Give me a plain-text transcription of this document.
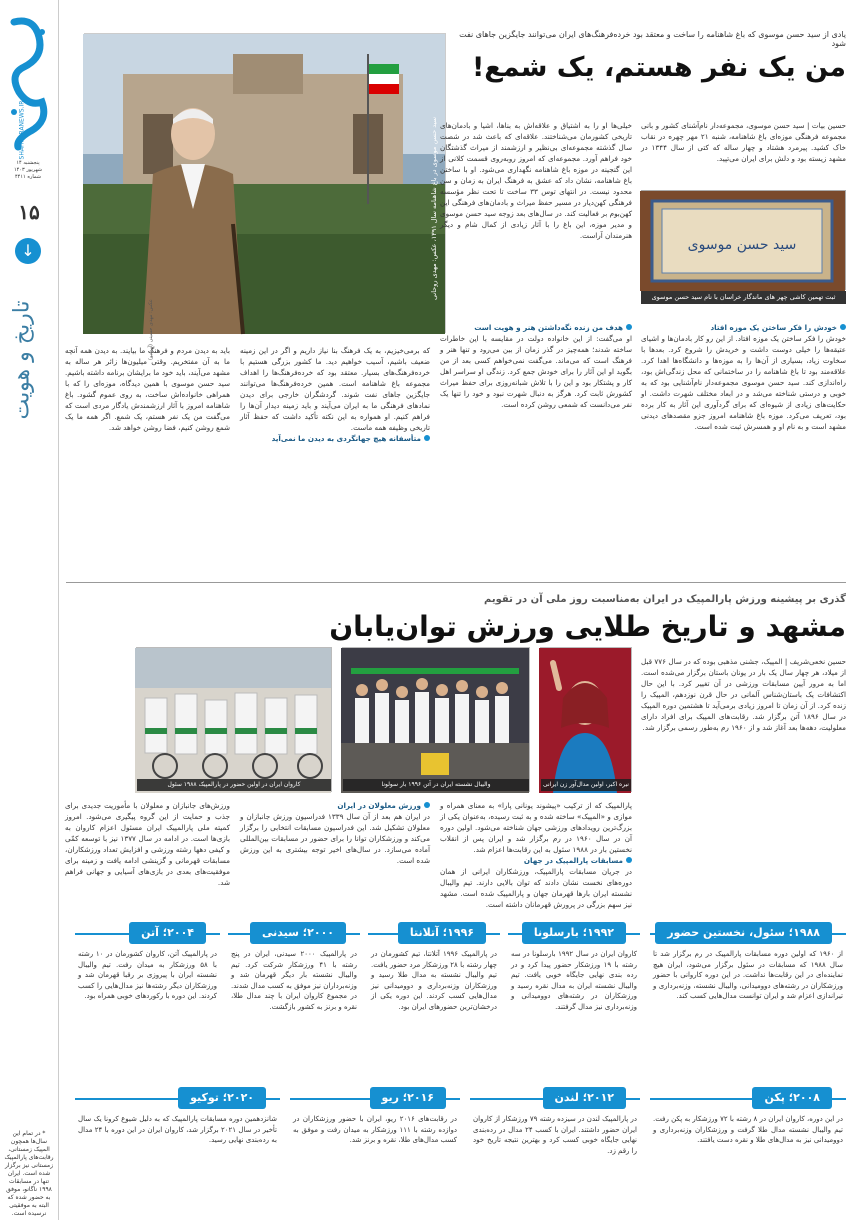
پنجشنبه ۱۴ شهریور ۱۴۰۳ شماره ۴۴۱۱
۱۵
↓
تاریخ و هویت
SHAHRARANEWS.IR
* در تمام این سال‌ها همچون المپیک زمستانی، رقابت‌های پارالمپیک زمستانی نیز برگزار شده است. ایران تنها در مسابقات ۱۹۹۸ ناگانو، موفق به حضور شده که البته به موفقیتی نرسیده است.
یادی از سید حسن موسوی که باغ شاهنامه را ساخت و معتقد بود خرده‌فرهنگ‌های ایران می‌توانند جایگزین جاهای نفت شود
من یک نفر هستم، یک شمع!
سید حسن موسوی در باغ شاهنامه سال ۱۳۹۱، عکس: مهدی روحانی
عکس: مهدی حسینی (آرشیو)
حسین بیات | سید حسن موسوی، مجموعه‌دار نام‌آشنای کشور و بانی مجموعه فرهنگی موزه‌ای باغ شاهنامه، شنبه ۲۱ مهر چهره در نقاب خاک کشید. پیرمرد هشتاد و چهار ساله که کتی از سال ۱۳۴۴ در مشهد زیسته بود و دلش برای ایران می‌تپید.
خیلی‌ها او را به اشتیاق و علاقه‌اش به بناها، اشیا و بادمان‌های تاریخی کشورمان می‌شناختند. علاقه‌ای که باعث شد در شصت سال گذشته مجموعه‌ای بی‌نظیر و ارزشمند از میراث گذشتگان خود فراهم آورد. مجموعه‌ای که امروز روبه‌روی قسمت کلانی از این گنجینه در موزه باغ شاهنامه نگهداری می‌شود. او با ساختن باغ شاهنامه، نشان داد که عشق به فرهنگ ایران به زمان و سن محدود نیست. در انتهای توس ۳۳ ساخت تا تحت نظر مؤسسه فرهنگی کهن‌دیار در مسیر حفظ میراث و بادمان‌های فرهنگی این کهن‌بوم بر فعالیت کند. در سال‌های بعد زوجه سید حسن موسوی و مدیر موزه، این باغ را با آثار زیادی از کمال شام و دیگر هنرمندان آراست.
سید حسن موسوی
ثبت تهمین کاشی چهر های ماندگار خراسان با نام سید حسن موسوی

خودش را فکر ساختن یک موزه افتاد

خودش را فکر ساختن یک موزه افتاد. از این رو کار بادمان‌ها و اشیای عتیقه‌ها را خیلی دوست داشت و خریدش را شروع کرد. بعدها با سخاوت زیاد، بسیاری از آن‌ها را به موزه‌ها و دانشگاه‌ها اهدا کرد. علاقه‌مند بود تا باغ شاهنامه را در ساختمانی که محل زندگی‌اش بود، راه‌اندازی کند. سید حسن موسوی مجموعه‌دار نام‌آشنایی بود که به خوبی و درستی شناخته می‌شد و در ابعاد مختلف شهرت داشت. او حکایت‌های زیادی از شیوه‌ای که برای گردآوری این آثار به کار برده بود، تعریف می‌کرد. موزه باغ شاهنامه امروز جزو مقصدهای دیدنی مشهد است و به نام او و همسرش ثبت شده است.

هدف من زنده نگه‌داشتن هنر و هویت است

او می‌گفت: از این خانواده دولت در مقایسه با این خاطرات ساخته شدند؛ همه‌چیز در گذر زمان از بین می‌رود و تنها هنر و فرهنگ است که می‌ماند. می‌گفت نمی‌خواهم کسی بعد از من بگوید او این آثار را برای خودش جمع کرد. زندگی او سراسر اهل کار و پشتکار بود و این را با تلاش شبانه‌روزی برای حفظ میراث کشورش ثابت کرد. هرگز به دنبال شهرت نبود و خود را تنها یک نفر می‌دانست که شمعی روشن کرده است.

که برمی‌خیزیم، به یک فرهنگ بنا نیاز داریم و اگر در این زمینه ضعیف باشیم، آسیب خواهیم دید. ما کشور بزرگی هستیم با خرده‌فرهنگ‌های بسیار. معتقد بود که خرده‌فرهنگ‌ها را اهداف مجموعه باغ شاهنامه است. همین خرده‌فرهنگ‌ها می‌توانند جایگزین جاهای نفت شوند. گردشگران خارجی برای دیدن نمادهای فرهنگی ما به ایران می‌آیند و باید زمینه دیدار آن‌ها را فراهم کنیم. او همواره به این نکته تأکید داشت که حفظ آثار تاریخی وظیفه همه ماست.

متأسفانه هیچ جهانگردی به دیدن ما نمی‌آید

باید به دیدن مردم و فرهنگ ما بیایند. به دیدن همه آنچه ما به آن مفتخریم. وقتی میلیون‌ها زائر هر ساله به مشهد می‌آیند، باید خود ما برایشان برنامه داشته باشیم. سید حسن موسوی با همین دیدگاه، موزه‌ای را که با همراهی خانواده‌اش ساخت، به روی عموم گشود. باغ شاهنامه امروز با آثار ارزشمندش یادگار مردی است که می‌گفت من یک نفر هستم، یک شمع. اگر همه ما یک شمع روشن کنیم، فضا روشن خواهد شد.

گذری بر پیشینه ورزش پارالمپیک در ایران به‌مناسبت روز ملی آن در تقویم
مشهد و تاریخ طلایی ورزش توان‌یابان
حسین نخعی‌شریف | المپیک، جشنی مذهبی بوده که در سال ۷۷۶ قبل از میلاد، هر چهار سال یک بار در یونان باستان برگزار می‌شده است. اما به مرور آیین مسابقات ورزشی در آن تغییر کرد. با این حال اکتشافات یک باستان‌شناس آلمانی در حال قرن نوزدهم، المپیک را زنده کرد. از آن زمان تا امروز زیادی برمی‌آید تا هشتمین دوره المپیک در سال ۱۸۹۶ آتن برگزار شد. رقابت‌های المپیک برای افراد دارای معلولیت، دهه‌ها بعد آغاز شد و از ۱۹۶۰ رم به‌طور رسمی برگزار شد.
نیره اکبر، اولین مدال‌آور زن ایرانی پارالمپیک
والیبال نشسته ایران در آتن ۱۹۹۶ بار سولونا
کاروان ایران در اولین حضور در پارالمپیک ۱۹۸۸ سئول

پارالمپیک که از ترکیب «پیشوند یونانی پارا» به معنای همراه و موازی و «المپیک» ساخته شده و به ثبت رسیده، به‌عنوان یکی از بزرگ‌ترین رویدادهای ورزشی جهان شناخته می‌شود. اولین دوره آن در سال ۱۹۶۰ در رم برگزار شد و ایران پس از انقلاب نخستین بار در ۱۹۸۸ سئول به این رقابت‌ها اعزام شد.

مسابقات پارالمپیک در جهان

در جریان مسابقات پارالمپیک، ورزشکاران ایرانی از همان دوره‌های نخست نشان دادند که توان بالایی دارند. تیم والیبال نشسته ایران بارها قهرمان جهان و پارالمپیک شده است. مشهد نیز سهم بزرگی در پرورش قهرمانان داشته است.

ورزش معلولان در ایران

در ایران هم بعد از آن سال ۱۳۳۹ فدراسیون ورزش جانبازان و معلولان تشکیل شد. این فدراسیون مسابقات انتخابی را برگزار می‌کند و ورزشکاران توانا را برای حضور در مسابقات بین‌المللی آماده می‌سازد. در سال‌های اخیر توجه بیشتری به این ورزش شده است.

ورزش‌های جانبازان و معلولان با مأموریت جدیدی برای جذب و حمایت از این گروه پیگیری می‌شود. امروز کمیته ملی پارالمپیک ایران مسئول اعزام کاروان به بازی‌ها است. در ادامه در سال ۱۳۷۷ نیز با توسعه کمّی و کیفی دهها رشته ورزشی و افزایش تعداد ورزشکاران، مسابقات قهرمانی و گزینشی ادامه یافت و زمینه برای موفقیت‌های بعدی در بازی‌های آسیایی و جهانی فراهم شد.

۱۹۸۸؛ سئول، نخستین حضور
از ۱۹۶۰ که اولین دوره مسابقات پارالمپیک در رم برگزار شد تا سال ۱۹۸۸ که مسابقات در سئول برگزار می‌شود، ایران هیچ نماینده‌ای در این رقابت‌ها نداشت. در این دوره کاروانی با حضور ورزشکاران در رشته‌های دوومیدانی، والیبال نشسته، وزنه‌برداری و تیراندازی اعزام شد و ایران توانست مدال‌هایی کسب کند.
۱۹۹۲؛ بارسلونا
کاروان ایران در سال ۱۹۹۲ بارسلونا در سه رشته با ۱۹ ورزشکار حضور پیدا کرد و در رده بندی نهایی جایگاه خوبی یافت. تیم والیبال نشسته ایران به مدال نقره رسید و ورزشکاران در رشته‌های دوومیدانی و وزنه‌برداری نیز مدال گرفتند.
۱۹۹۶؛ آتلانتا
در پارالمپیک ۱۹۹۶ آتلانتا، تیم کشورمان در چهار رشته با ۲۸ ورزشکار مرد حضور یافت. تیم والیبال نشسته به مدال طلا رسید و ورزشکاران وزنه‌برداری و دوومیدانی نیز مدال‌هایی کسب کردند. این دوره یکی از درخشان‌ترین حضورهای ایران بود.
۲۰۰۰؛ سیدنی
در پارالمپیک ۲۰۰۰ سیدنی، ایران در پنج رشته با ۴۱ ورزشکار شرکت کرد. تیم والیبال نشسته بار دیگر قهرمان شد و وزنه‌برداران نیز موفق به کسب مدال شدند. در مجموع کاروان ایران با چند مدال طلا، نقره و برنز به کشور بازگشت.
۲۰۰۴؛ آتن
در پارالمپیک آتن، کاروان کشورمان در ۱۰ رشته با ۵۸ ورزشکار به میدان رفت. تیم والیبال نشسته ایران با پیروزی بر رقبا قهرمان شد و ورزشکاران دیگر رشته‌ها نیز مدال‌هایی را کسب کردند. این دوره با رکوردهای خوبی همراه بود.
۲۰۰۸؛ پکن
در این دوره، کاروان ایران در ۸ رشته با ۷۲ ورزشکار به پکن رفت. تیم والیبال نشسته مدال طلا گرفت و ورزشکاران وزنه‌برداری و دوومیدانی نیز به مدال‌های طلا و نقره دست یافتند.
۲۰۱۲؛ لندن
در پارالمپیک لندن در سیزده رشته ۷۹ ورزشکار از کاروان ایران حضور داشتند. ایران با کسب ۲۴ مدال در رده‌بندی نهایی جایگاه خوبی کسب کرد و بهترین نتیجه تاریخ خود را رقم زد.
۲۰۱۶؛ ریو
در رقابت‌های ۲۰۱۶ ریو، ایران با حضور ورزشکاران در دوازده رشته با ۱۱۱ ورزشکار به میدان رفت و موفق به کسب مدال‌های طلا، نقره و برنز شد.
۲۰۲۰؛ توکیو
شانزدهمین دوره مسابقات پارالمپیک که به دلیل شیوع کرونا یک سال تأخیر در سال ۲۰۲۱ برگزار شد، کاروان ایران در این دوره با ۲۴ مدال به رده‌بندی نهایی رسید.
